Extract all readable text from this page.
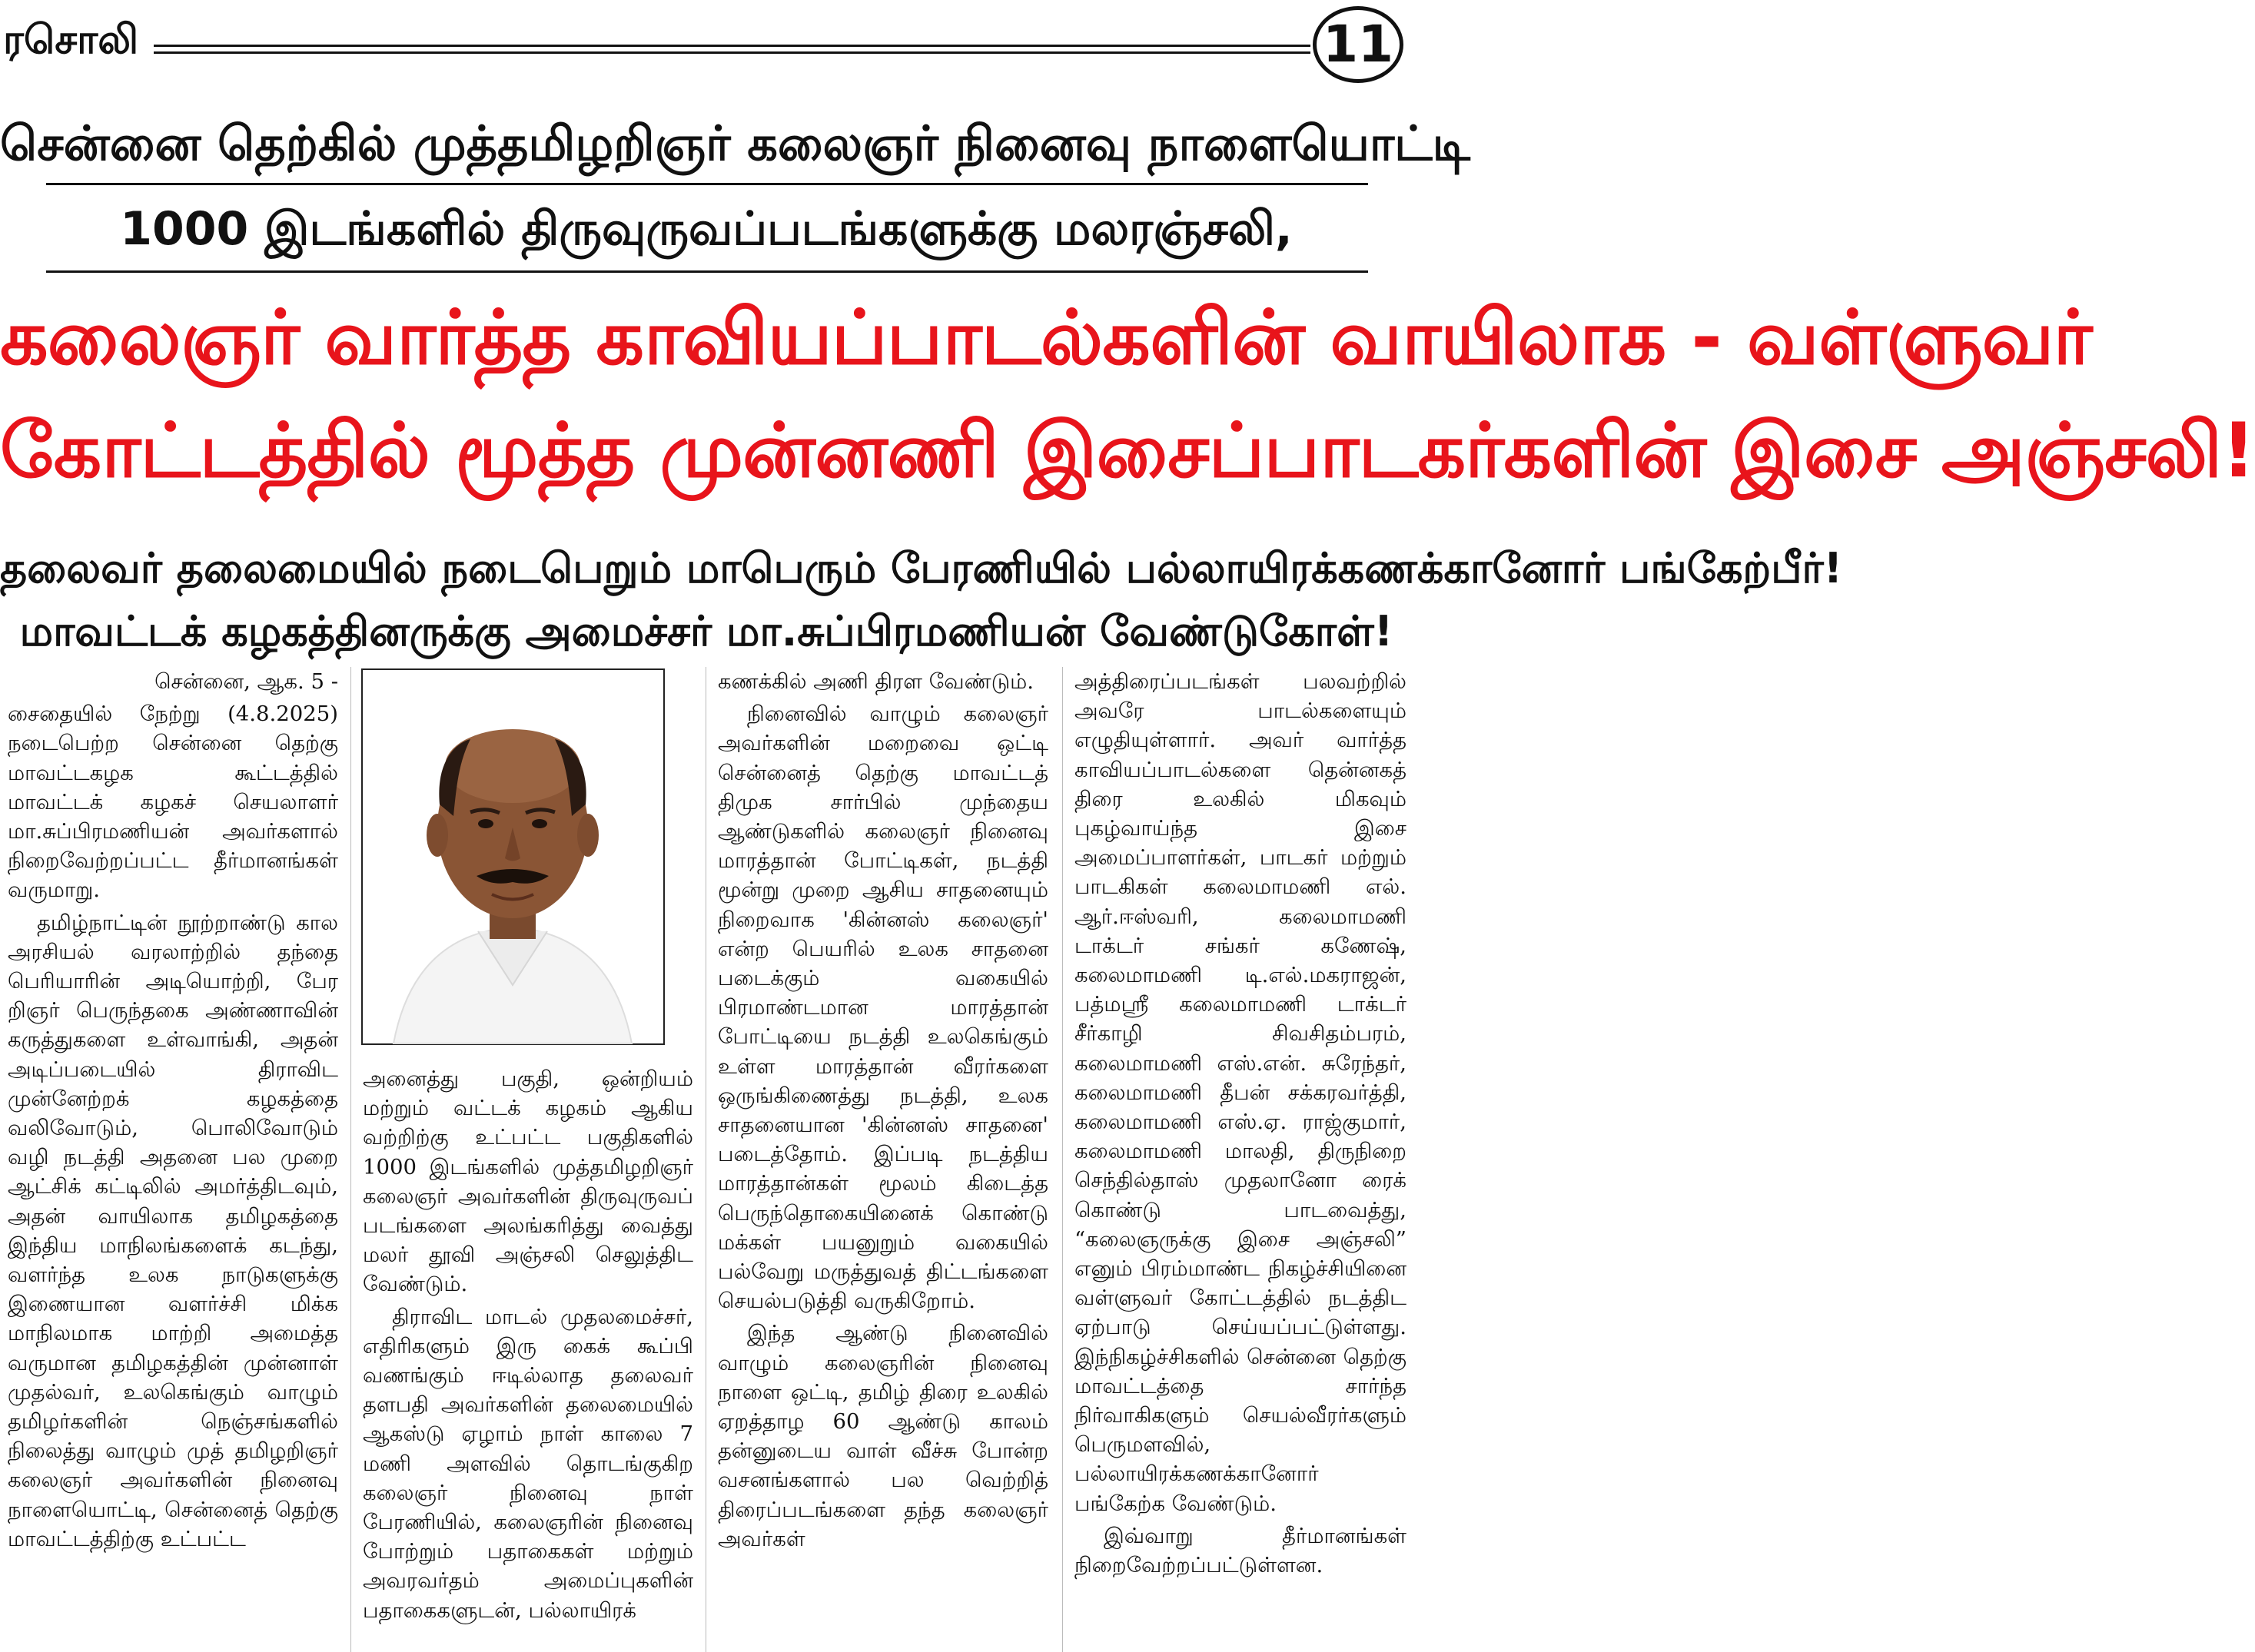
ரசொலி	11
சென்னை தெற்கில் முத்தமிழறிஞர் கலைஞர் நினைவு நாளையொட்டி
1000 இடங்களில் திருவுருவப்படங்களுக்கு மலரஞ்சலி,
கலைஞர் வார்த்த காவியப்பாடல்களின் வாயிலாக - வள்ளுவர்
கோட்டத்தில் மூத்த முன்னணி இசைப்பாடகர்களின் இசை அஞ்சலி!
தலைவர் தலைமையில் நடைபெறும் மாபெரும் பேரணியில் பல்லாயிரக்கணக்கானோர் பங்கேற்பீர்!
மாவட்டக் கழகத்தினருக்கு அமைச்சர் மா.சுப்பிரமணியன் வேண்டுகோள்!

சென்னை, ஆக. 5 -

சைதையில் நேற்று (4.8.2025) நடைபெற்ற சென்னை தெற்கு மாவட்டகழக கூட்டத்தில் மாவட்டக் கழகச் செயலாளர் மா.சுப்பிரமணியன் அவர்களால் நிறைவேற்றப்பட்ட தீர்மானங்கள் வருமாறு.

தமிழ்நாட்டின் நூற்றாண்டு கால அரசியல் வரலாற்றில் தந்தை பெரியாரின் அடியொற்றி, பேர றிஞர் பெருந்தகை அண்ணாவின் கருத்துகளை உள்வாங்கி, அதன் அடிப்படையில் திராவிட முன்னேற்றக் கழகத்தை வலிவோடும், பொலிவோடும் வழி நடத்தி அதனை பல முறை ஆட்சிக் கட்டிலில் அமர்த்திடவும், அதன் வாயிலாக தமிழகத்தை இந்திய மாநிலங்களைக் கடந்து, வளர்ந்த உலக நாடுகளுக்கு இணையான வளர்ச்சி மிக்க மாநிலமாக மாற்றி அமைத்த வருமான தமிழகத்தின் முன்னாள் முதல்வர், உலகெங்கும் வாழும் தமிழர்களின் நெஞ்சங்களில் நிலைத்து வாழும் முத் தமிழறிஞர் கலைஞர் அவர்களின் நினைவு நாளையொட்டி, சென்னைத் தெற்கு மாவட்டத்திற்கு உட்பட்ட

அனைத்து பகுதி, ஒன்றியம் மற்றும் வட்டக் கழகம் ஆகிய வற்றிற்கு உட்பட்ட பகுதிகளில் 1000 இடங்களில் முத்தமிழறிஞர் கலைஞர் அவர்களின் திருவுருவப் படங்களை அலங்கரித்து வைத்து மலர் தூவி அஞ்சலி செலுத்திட வேண்டும்.

திராவிட மாடல் முதலமைச்சர், எதிரிகளும் இரு கைக் கூப்பி வணங்கும் ஈடில்லாத தலைவர் தளபதி அவர்களின் தலைமையில் ஆகஸ்டு ஏழாம் நாள் காலை 7 மணி அளவில் தொடங்குகிற கலைஞர் நினைவு நாள் பேரணியில், கலைஞரின் நினைவு போற்றும் பதாகைகள் மற்றும் அவரவர்தம் அமைப்புகளின் பதாகைகளுடன், பல்லாயிரக்

கணக்கில் அணி திரள வேண்டும்.

நினைவில் வாழும் கலைஞர் அவர்களின் மறைவை ஒட்டி சென்னைத் தெற்கு மாவட்டத் திமுக சார்பில் முந்தைய ஆண்டுகளில் கலைஞர் நினைவு மாரத்தான் போட்டிகள், நடத்தி மூன்று முறை ஆசிய சாதனையும் நிறைவாக 'கின்னஸ் கலைஞர்' என்ற பெயரில் உலக சாதனை படைக்கும் வகையில் பிரமாண்டமான மாரத்தான் போட்டியை நடத்தி உலகெங்கும் உள்ள மாரத்தான் வீரர்களை ஒருங்கிணைத்து நடத்தி, உலக சாதனையான 'கின்னஸ் சாதனை' படைத்தோம். இப்படி நடத்திய மாரத்தான்கள் மூலம் கிடைத்த பெருந்தொகையினைக் கொண்டு மக்கள் பயனுறும் வகையில் பல்வேறு மருத்துவத் திட்டங்களை செயல்படுத்தி வருகிறோம்.

இந்த ஆண்டு நினைவில் வாழும் கலைஞரின் நினைவு நாளை ஒட்டி, தமிழ் திரை உலகில் ஏறத்தாழ 60 ஆண்டு காலம் தன்னுடைய வாள் வீச்சு போன்ற வசனங்களால் பல வெற்றித் திரைப்படங்களை தந்த கலைஞர் அவர்கள்

அத்திரைப்படங்கள் பலவற்றில் அவரே பாடல்களையும் எழுதியுள்ளார். அவர் வார்த்த காவியப்பாடல்களை தென்னகத் திரை உலகில் மிகவும் புகழ்வாய்ந்த இசை அமைப்பாளர்கள், பாடகர் மற்றும் பாடகிகள் கலைமாமணி எல். ஆர்.ஈஸ்வரி, கலைமாமணி டாக்டர் சங்கர் கணேஷ், கலைமாமணி டி.எல்.மகராஜன், பத்மஸ்ரீ கலைமாமணி டாக்டர் சீர்காழி சிவசிதம்பரம், கலைமாமணி எஸ்.என். சுரேந்தர், கலைமாமணி தீபன் சக்கரவர்த்தி, கலைமாமணி எஸ்.ஏ. ராஜ்குமார், கலைமாமணி மாலதி, திருநிறை செந்தில்தாஸ் முதலானோ ரைக் கொண்டு பாடவைத்து, “கலைஞருக்கு இசை அஞ்சலி” எனும் பிரம்மாண்ட நிகழ்ச்சியினை வள்ளுவர் கோட்டத்தில் நடத்திட ஏற்பாடு செய்யப்பட்டுள்ளது. இந்நிகழ்ச்சிகளில் சென்னை தெற்கு மாவட்டத்தை சார்ந்த நிர்வாகிகளும் செயல்வீரர்களும் பெருமளவில், பல்லாயிரக்கணக்கானோர் பங்கேற்க வேண்டும்.

இவ்வாறு தீர்மானங்கள் நிறைவேற்றப்பட்டுள்ளன.
